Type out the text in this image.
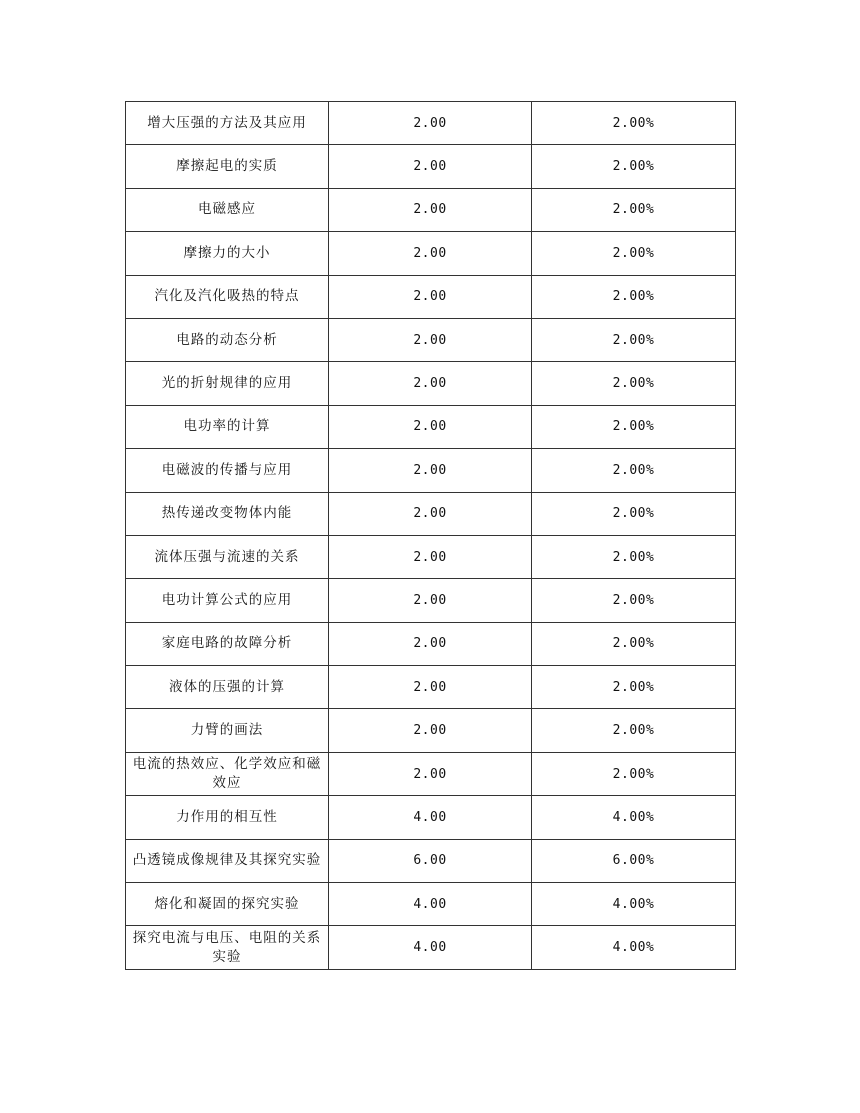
增大压强的方法及其应用	2.00	2.00%
摩擦起电的实质	2.00	2.00%
电磁感应	2.00	2.00%
摩擦力的大小	2.00	2.00%
汽化及汽化吸热的特点	2.00	2.00%
电路的动态分析	2.00	2.00%
光的折射规律的应用	2.00	2.00%
电功率的计算	2.00	2.00%
电磁波的传播与应用	2.00	2.00%
热传递改变物体内能	2.00	2.00%
流体压强与流速的关系	2.00	2.00%
电功计算公式的应用	2.00	2.00%
家庭电路的故障分析	2.00	2.00%
液体的压强的计算	2.00	2.00%
力臂的画法	2.00	2.00%
电流的热效应、化学效应和磁效应	2.00	2.00%
力作用的相互性	4.00	4.00%
凸透镜成像规律及其探究实验	6.00	6.00%
熔化和凝固的探究实验	4.00	4.00%
探究电流与电压、电阻的关系实验	4.00	4.00%
